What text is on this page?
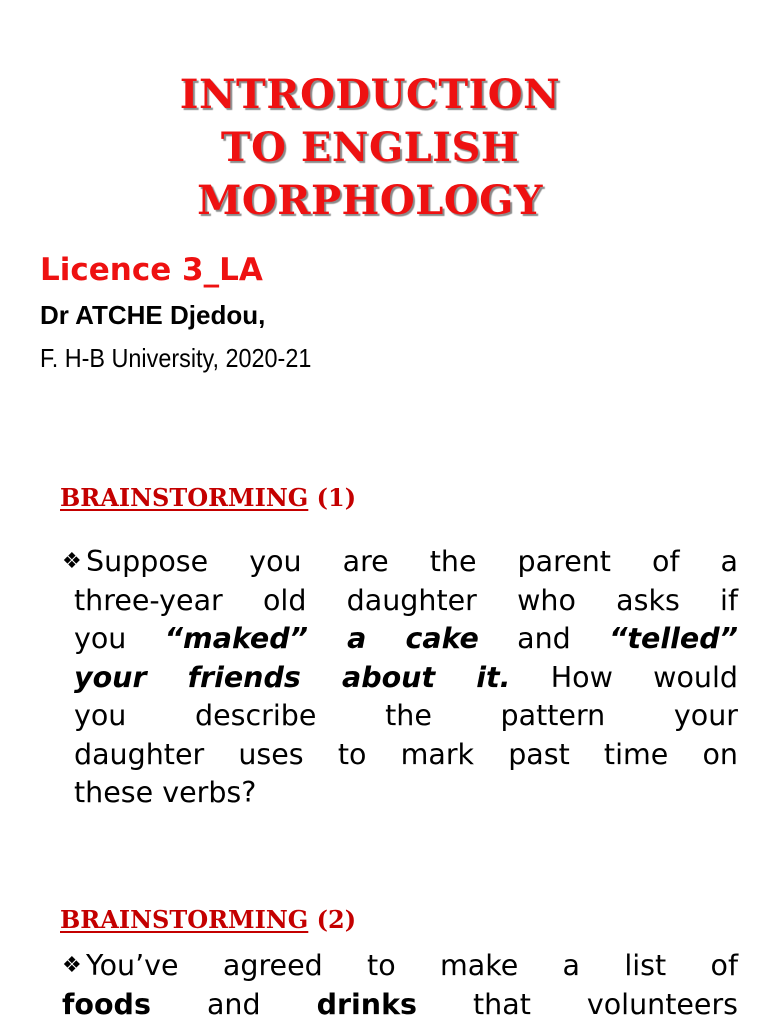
INTRODUCTION
TO ENGLISH
MORPHOLOGY
Licence 3_LA
Dr ATCHE Djedou,
F. H-B University, 2020-21
BRAINSTORMING (1)
❖ Suppose you are the parent of a
three-year old daughter who asks if
you “maked” a cake and “telled”
your friends about it. How would
you describe the pattern your
daughter uses to mark past time on
these verbs?
BRAINSTORMING (2)
❖ You’ve agreed to make a list of
foods and drinks that volunteers
